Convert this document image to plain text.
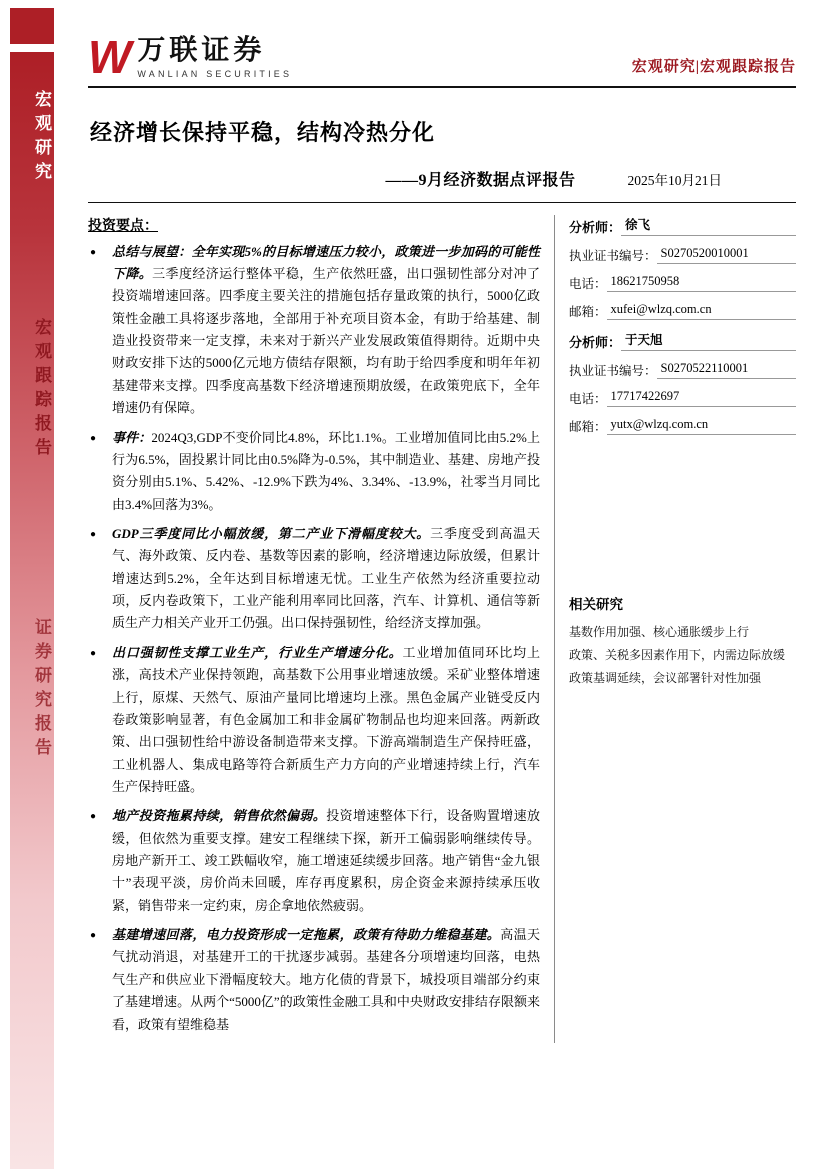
宏观研究
宏观跟踪报告
证券研究报告
W 万联证券
WANLIAN SECURITIES	宏观研究|宏观跟踪报告
经济增长保持平稳，结构冷热分化
——9月经济数据点评报告	2025年10月21日
投资要点：
● 总结与展望：全年实现5%的目标增速压力较小，政策进一步加码的可能性下降。三季度经济运行整体平稳，生产依然旺盛，出口强韧性部分对冲了投资端增速回落。四季度主要关注的措施包括存量政策的执行，5000亿政策性金融工具将逐步落地，全部用于补充项目资本金，有助于给基建、制造业投资带来一定支撑，未来对于新兴产业发展政策值得期待。近期中央财政安排下达的5000亿元地方债结存限额，均有助于给四季度和明年年初基建带来支撑。四季度高基数下经济增速预期放缓，在政策兜底下，全年增速仍有保障。
● 事件：2024Q3,GDP不变价同比4.8%，环比1.1%。工业增加值同比由5.2%上行为6.5%，固投累计同比由0.5%降为-0.5%，其中制造业、基建、房地产投资分别由5.1%、5.42%、-12.9%下跌为4%、3.34%、-13.9%，社零当月同比由3.4%回落为3%。
● GDP三季度同比小幅放缓，第二产业下滑幅度较大。三季度受到高温天气、海外政策、反内卷、基数等因素的影响，经济增速边际放缓，但累计增速达到5.2%，全年达到目标增速无忧。工业生产依然为经济重要拉动项，反内卷政策下，工业产能利用率同比回落，汽车、计算机、通信等新质生产力相关产业开工仍强。出口保持强韧性，给经济支撑加强。
● 出口强韧性支撑工业生产，行业生产增速分化。工业增加值同环比均上涨，高技术产业保持领跑，高基数下公用事业增速放缓。采矿业整体增速上行，原煤、天然气、原油产量同比增速均上涨。黑色金属产业链受反内卷政策影响显著，有色金属加工和非金属矿物制品也均迎来回落。两新政策、出口强韧性给中游设备制造带来支撑。下游高端制造生产保持旺盛，工业机器人、集成电路等符合新质生产力方向的产业增速持续上行，汽车生产保持旺盛。
● 地产投资拖累持续，销售依然偏弱。投资增速整体下行，设备购置增速放缓，但依然为重要支撑。建安工程继续下探，新开工偏弱影响继续传导。房地产新开工、竣工跌幅收窄，施工增速延续缓步回落。地产销售“金九银十”表现平淡，房价尚未回暖，库存再度累积，房企资金来源持续承压收紧，销售带来一定约束，房企拿地依然疲弱。
● 基建增速回落，电力投资形成一定拖累，政策有待助力维稳基建。高温天气扰动消退，对基建开工的干扰逐步减弱。基建各分项增速均回落，电热气生产和供应业下滑幅度较大。地方化债的背景下，城投项目端部分约束了基建增速。从两个“5000亿”的政策性金融工具和中央财政安排结存限额来看，政策有望维稳基
分析师： 徐飞
执业证书编号： S0270520010001
电话： 18621750958
邮箱： xufei@wlzq.com.cn
分析师： 于天旭
执业证书编号： S0270522110001
电话： 17717422697
邮箱： yutx@wlzq.com.cn
相关研究
基数作用加强、核心通胀缓步上行
政策、关税多因素作用下，内需边际放缓
政策基调延续，会议部署针对性加强
